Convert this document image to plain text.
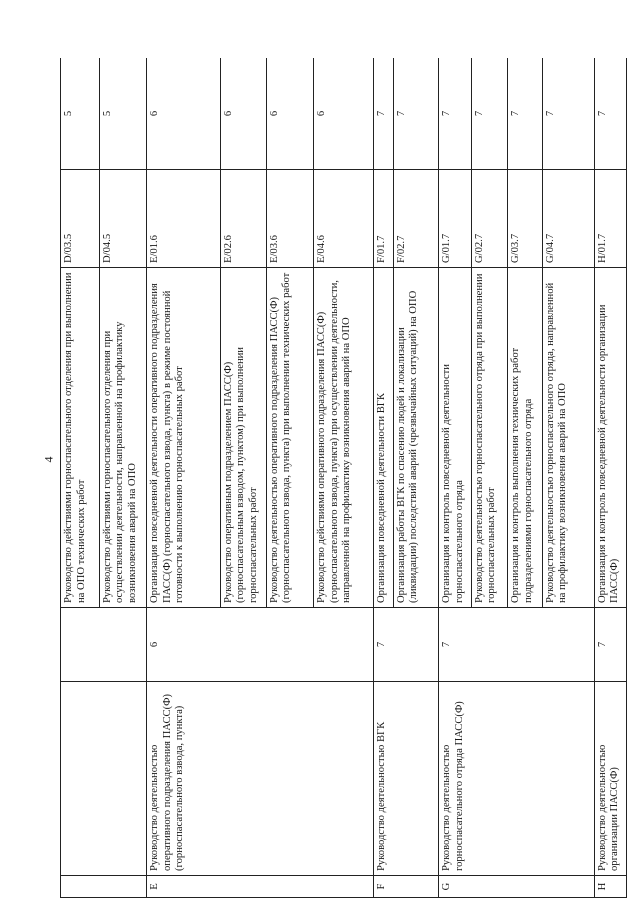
4
			Руководство действиями горноспасательного отделения при выполнении на ОПО технических работ	D/03.5	5
			Руководство действиями горноспасательного отделения при осуществлении деятельности, направленной на профилактику возникновения аварий на ОПО	D/04.5	5
E	Руководство деятельностью оперативного подразделения ПАСС(Ф) (горноспасательного взвода, пункта)	6	Организация повседневной деятельности оперативного подразделения ПАСС(Ф) (горноспасательного взвода, пункта) в режиме постоянной готовности к выполнению горноспасательных работ	E/01.6	6
			Руководство оперативным подразделением ПАСС(Ф) (горноспасательным взводом, пунктом) при выполнении горноспасательных работ	E/02.6	6
			Руководство деятельностью оперативного подразделения ПАСС(Ф) (горноспасательного взвода, пункта) при выполнении технических работ	E/03.6	6
			Руководство действиями оперативного подразделения ПАСС(Ф) (горноспасательного взвода, пункта) при осуществлении деятельности, направленной на профилактику возникновения аварий на ОПО	E/04.6	6
F	Руководство деятельностью ВГК	7	Организация повседневной деятельности ВГК	F/01.7	7
			Организация работы ВГК по спасению людей и локализации (ликвидации) последствий аварий (чрезвычайных ситуаций) на ОПО	F/02.7	7
G	Руководство деятельностью горноспасательного отряда ПАСС(Ф)	7	Организация и контроль повседневной деятельности горноспасательного отряда	G/01.7	7
			Руководство деятельностью горноспасательного отряда при выполнении горноспасательных работ	G/02.7	7
			Организация и контроль выполнения технических работ подразделениями горноспасательного отряда	G/03.7	7
			Руководство деятельностью горноспасательного отряда, направленной на профилактику возникновения аварий на ОПО	G/04.7	7
H	Руководство деятельностью организации ПАСС(Ф)	7	Организация и контроль повседневной деятельности организации ПАСС(Ф)	H/01.7	7
